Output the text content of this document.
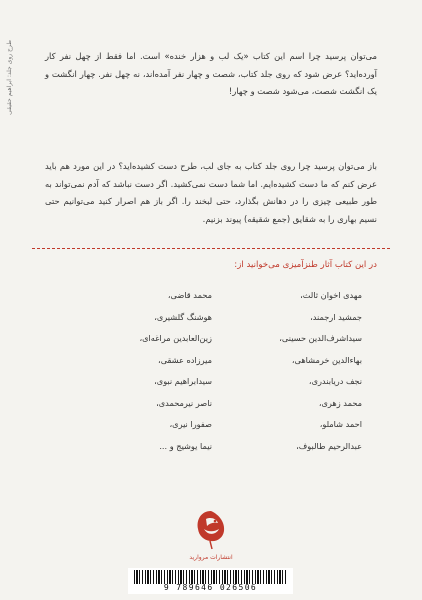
طرح روی جلد: ابراهیم حقیقی	می‌توان پرسید چرا اسم این کتاب «یک لب و هزار خنده» است. اما فقط از چهل نفر کار آورده‌اید؟ عرض شود که روی جلد کتاب، شصت و چهار نفر آمده‌اند، نه چهل نفر. چهار انگشت و یک انگشت شصت، می‌شود شصت و چهار!

باز می‌توان پرسید چرا روی جلد کتاب به جای لب، طرح دست کشیده‌اید؟ در این مورد هم باید عرض کنم که ما دست کشیده‌ایم. اما شما دست نمی‌کشید. اگر دست نباشد که آدم نمی‌تواند به طور طبیعی چیزی را در دهانش بگذارد، حتی لبخند را. اگر باز هم اصرار کنید می‌توانیم حتی نسیم بهاری را به شقایق (جمع شقیقه) پیوند بزنیم.

در این کتاب آثار طنزآمیزی می‌خوانید از:
مهدی اخوان ثالث،
جمشید ارجمند،
سیداشرف‌الدین حسینی،
بهاءالدین خرمشاهی،
نجف دریابندری،
محمد زهری،
احمد شاملو،
عبدالرحیم طالبوف،
محمد قاضی،
هوشنگ گلشیری،
زین‌العابدین مراغه‌ای،
میرزاده عشقی،
سیدابراهیم نبوی،
ناصر نیرمحمدی،
صفورا نیری،
نیما یوشیج و ...
انتشارات مروارید
9 789646 026506
